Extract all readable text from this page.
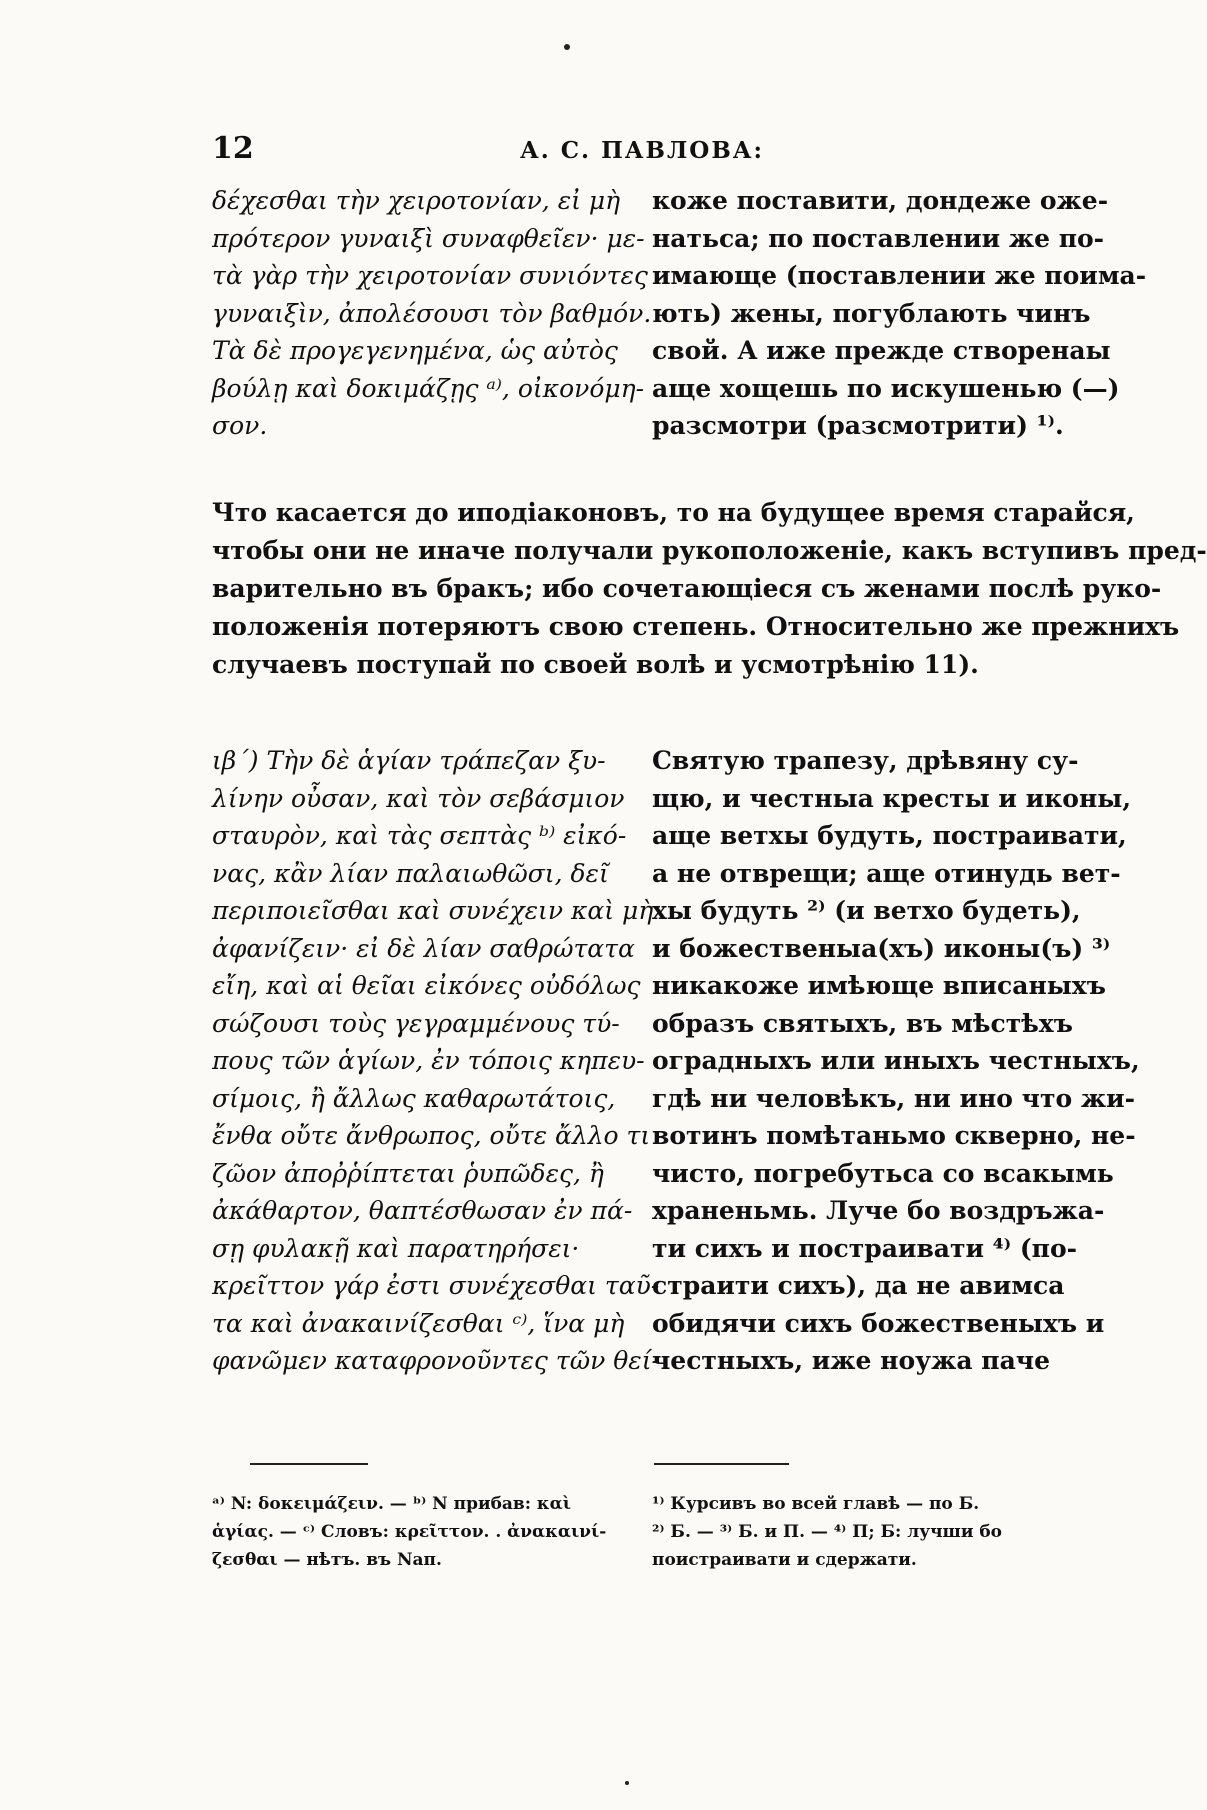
12	А. С. ПАВЛОВА:
δέχεσθαι τὴν χειροτονίαν, εἰ μὴ
πρότερον γυναιξὶ συναφθεῖεν· με-
τὰ γὰρ τὴν χειροτονίαν συνιόντες
γυναιξὶν, ἀπολέσουσι τὸν βαθμόν.
Τὰ δὲ προγεγενημένα, ὡς αὐτὸς
βούλῃ καὶ δοκιμάζῃς ᵃ⁾, οἰκονόμη-
σον.
коже поставити, дондеже оже-
натьса; по поставлении же по-
имающе (поставлении же поима-
ють) жены, погублають чинъ
свой. А иже прежде створенаы
аще хощешь по искушенью (—)
разсмотри (разсмотрити) ¹⁾.
Что касается до иподіаконовъ, то на будущее время старайся,
чтобы они не иначе получали рукоположеніе, какъ вступивъ пред-
варительно въ бракъ; ибо сочетающіеся съ женами послѣ руко-
положенія потеряютъ свою степень. Относительно же прежнихъ
случаевъ поступай по своей волѣ и усмотрѣнію 11).
ιβ΄) Τὴν δὲ ἁγίαν τράπεζαν ξυ-
λίνην οὖσαν, καὶ τὸν σεβάσμιον
σταυρὸν, καὶ τὰς σεπτὰς ᵇ⁾ εἰκό-
νας, κἂν λίαν παλαιωθῶσι, δεῖ
περιποιεῖσθαι καὶ συνέχειν καὶ μὴ
ἀφανίζειν· εἰ δὲ λίαν σαθρώτατα
εἴη, καὶ αἱ θεῖαι εἰκόνες οὐδόλως
σώζουσι τοὺς γεγραμμένους τύ-
πους τῶν ἁγίων, ἐν τόποις κηπευ-
σίμοις, ἢ ἄλλως καθαρωτάτοις,
ἔνθα οὔτε ἄνθρωπος, οὔτε ἄλλο τι
ζῶον ἀποῤῥίπτεται ῥυπῶδες, ἢ
ἀκάθαρτον, θαπτέσθωσαν ἐν πά-
σῃ φυλακῇ καὶ παρατηρήσει·
κρεῖττον γάρ ἐστι συνέχεσθαι ταῦ-
τα καὶ ἀνακαινίζεσθαι ᶜ⁾, ἵνα μὴ
φανῶμεν καταφρονοῦντες τῶν θεί-
Святую трапезу, дрѣвяну су-
щю, и честныа кресты и иконы,
аще ветхы будуть, постраивати,
а не отврещи; аще отинудь вет-
хы будуть ²⁾ (и ветхо будеть),
и божественыа(хъ) иконы(ъ) ³⁾
никакоже имѣюще вписаныхъ
образъ святыхъ, въ мѣстѣхъ
оградныхъ или иныхъ честныхъ,
гдѣ ни человѣкъ, ни ино что жи-
вотинъ помѣтаньмо скверно, не-
чисто, погребутьса со всакымь
храненьмь. Луче бо воздръжа-
ти сихъ и постраивати ⁴⁾ (по-
страити сихъ), да не авимса
обидячи сихъ божественыхъ и
честныхъ, иже ноужа паче
ᵃ⁾ N: δοκειμάζειν. — ᵇ⁾ N прибав: καὶ
ἁγίας. — ᶜ⁾ Словъ: κρεῖττον. . ἀνακαινί-
ζεσθαι — нѣтъ. въ Nап.
¹⁾ Курсивъ во всей главѣ — по Б.
²⁾ Б. — ³⁾ Б. и П. — ⁴⁾ П; Б: лучши бо
поистраивати и сдержати.
